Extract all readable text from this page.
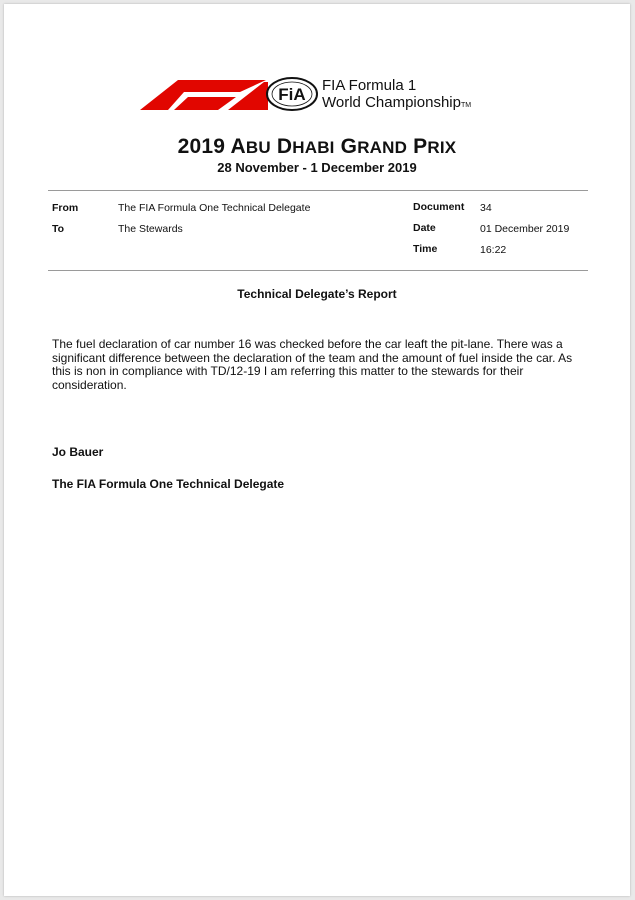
FiA FIA Formula 1
World ChampionshipTM
2019 ABU DHABI GRAND PRIX
28 November - 1 December 2019
From	The FIA Formula One Technical Delegate
To	The Stewards
Document 34
Date	01 December 2019
Time	16:22
Technical Delegate’s Report

The fuel declaration of car number 16 was checked before the car leaft the pit-lane. There was a significant difference between the declaration of the team and the amount of fuel inside the car. As this is non in compliance with TD/12-19 I am referring this matter to the stewards for their consideration.

Jo Bauer
The FIA Formula One Technical Delegate
